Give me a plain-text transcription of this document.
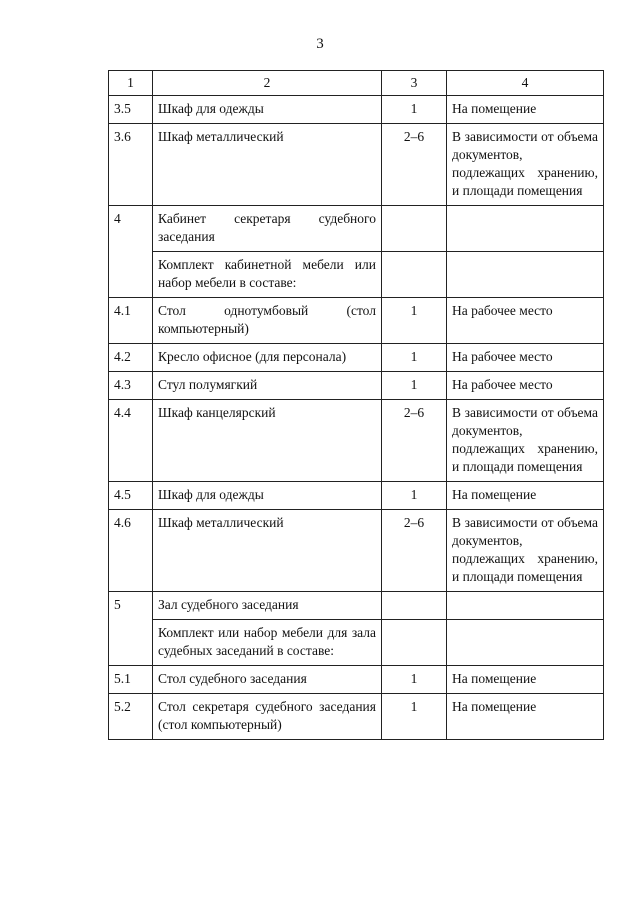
3
1	2	3	4
3.5	Шкаф для одежды	1	На помещение
3.6	Шкаф металлический	2–6	В зависимости от объема документов, подлежащих хранению, и площади помещения
4	Кабинет секретаря судебного заседания		
	Комплект кабинетной мебели или набор мебели в составе:		
4.1	Стол однотумбовый (стол компьютерный)	1	На рабочее место
4.2	Кресло офисное (для персонала)	1	На рабочее место
4.3	Стул полумягкий	1	На рабочее место
4.4	Шкаф канцелярский	2–6	В зависимости от объема документов, подлежащих хранению, и площади помещения
4.5	Шкаф для одежды	1	На помещение
4.6	Шкаф металлический	2–6	В зависимости от объема документов, подлежащих хранению, и площади помещения
5	Зал судебного заседания		
	Комплект или набор мебели для зала судебных заседаний в составе:		
5.1	Стол судебного заседания	1	На помещение
5.2	Стол секретаря судебного заседания (стол компьютерный)	1	На помещение
